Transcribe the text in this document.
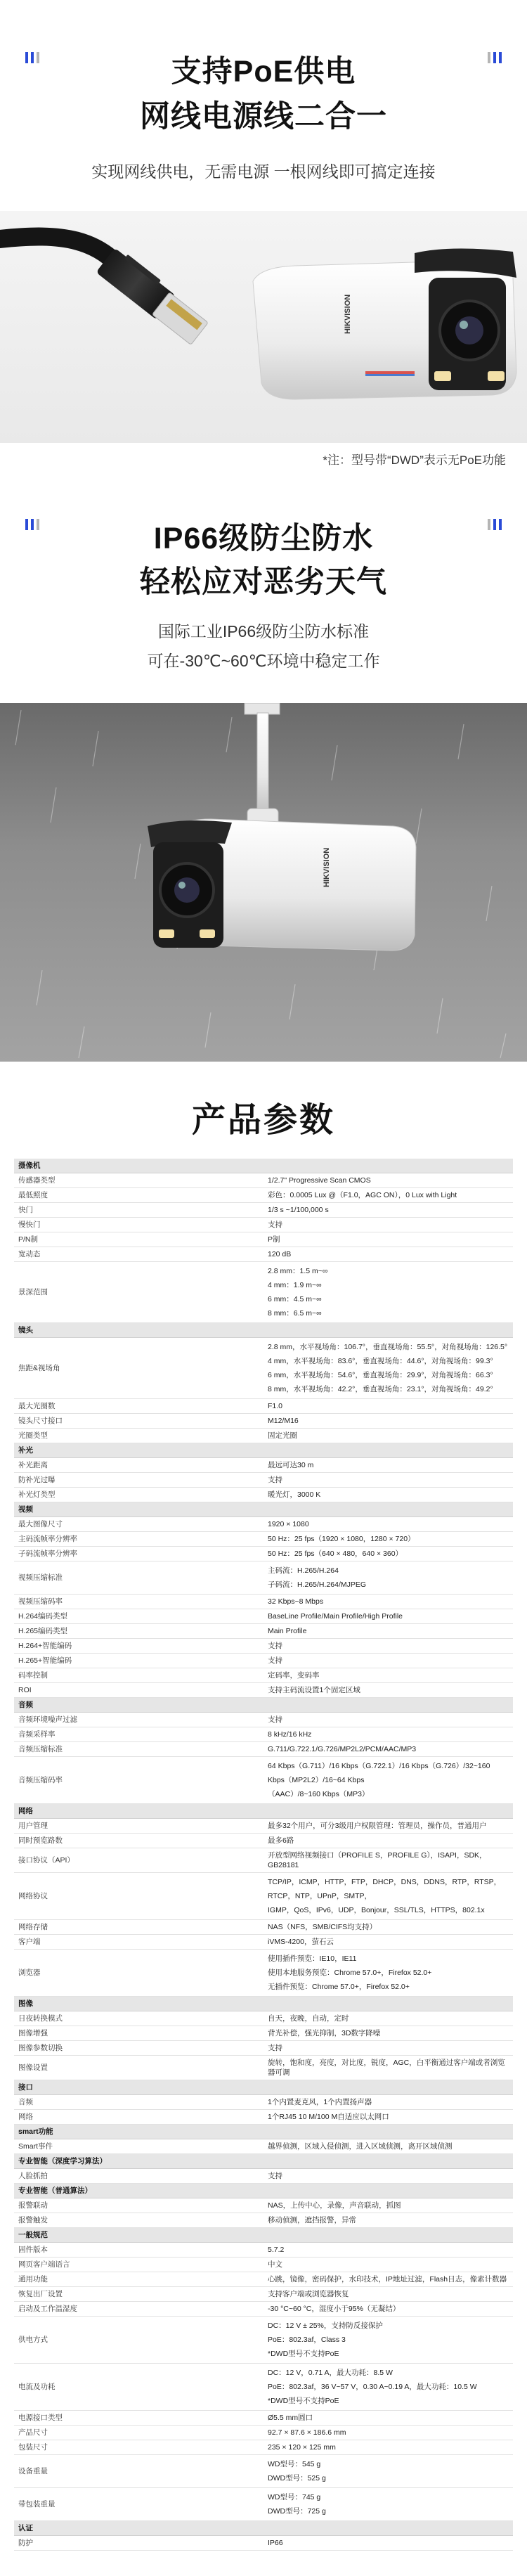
支持PoE供电
网线电源线二合一
实现网线供电，无需电源 一根网线即可搞定连接
HIKVISION
*注：型号带“DWD”表示无PoE功能
IP66级防尘防水
轻松应对恶劣天气
国际工业IP66级防尘防水标准
可在-30℃~60℃环境中稳定工作
HIKVISION
产品参数
摄像机	
传感器类型	1/2.7" Progressive Scan CMOS

最低照度	彩色：0.0005 Lux @（F1.0，AGC ON），0 Lux with Light

快门	1/3 s ~1/100,000 s

慢快门	支持

P/N制	P制

宽动态	120 dB

景深范围	2.8 mm：1.5 m~∞
4 mm：1.9 m~∞
6 mm：4.5 m~∞
8 mm：6.5 m~∞

镜头	
焦距&视场角	2.8 mm，水平视场角：106.7°，垂直视场角：55.5°，对角视场角：126.5°
4 mm，水平视场角：83.6°，垂直视场角：44.6°，对角视场角：99.3°
6 mm，水平视场角：54.6°，垂直视场角：29.9°，对角视场角：66.3°
8 mm，水平视场角：42.2°，垂直视场角：23.1°，对角视场角：49.2°

最大光圈数	F1.0

镜头尺寸接口	M12/M16

光圈类型	固定光圈

补光	
补光距离	最远可达30 m

防补光过曝	支持

补光灯类型	暖光灯，3000 K

视频	
最大图像尺寸	1920 × 1080

主码流帧率分辨率	50 Hz：25 fps（1920 × 1080，1280 × 720）

子码流帧率分辨率	50 Hz：25 fps（640 × 480，640 × 360）

视频压缩标准	主码流：H.265/H.264
子码流：H.265/H.264/MJPEG

视频压缩码率	32 Kbps~8 Mbps

H.264编码类型	BaseLine Profile/Main Profile/High Profile

H.265编码类型	Main Profile

H.264+智能编码	支持

H.265+智能编码	支持

码率控制	定码率，变码率

ROI	支持主码流设置1个固定区域

音频	
音频环境噪声过滤	支持

音频采样率	8 kHz/16 kHz

音频压缩标准	G.711/G.722.1/G.726/MP2L2/PCM/AAC/MP3

音频压缩码率	64 Kbps（G.711）/16 Kbps（G.722.1）/16 Kbps（G.726）/32~160 Kbps（MP2L2）/16~64 Kbps
（AAC）/8~160 Kbps（MP3）

网络	
用户管理	最多32个用户，可分3级用户权限管理：管理员，操作员，普通用户

同时预览路数	最多6路

接口协议（API）	开放型网络视频接口（PROFILE S，PROFILE G），ISAPI，SDK，GB28181

网络协议	TCP/IP，ICMP，HTTP，FTP，DHCP，DNS，DDNS，RTP，RTSP，RTCP，NTP，UPnP，SMTP，
IGMP，QoS，IPv6，UDP，Bonjour，SSL/TLS，HTTPS，802.1x

网络存储	NAS（NFS，SMB/CIFS均支持）

客户端	iVMS-4200，萤石云

浏览器	使用插件预览：IE10，IE11
使用本地服务预览：Chrome 57.0+，Firefox 52.0+
无插件预览：Chrome 57.0+，Firefox 52.0+

图像	
日夜转换模式	自天，夜晚，自动，定时

图像增强	背光补偿，强光抑制，3D数字降噪

图像参数切换	支持

图像设置	旋转，饱和度，亮度，对比度，锐度，AGC，白平衡通过客户端或者浏览器可调

接口	
音频	1个内置麦克风，1个内置扬声器

网络	1个RJ45 10 M/100 M自适应以太网口

smart功能	
Smart事件	越界侦测，区域入侵侦测，进入区域侦测，离开区域侦测

专业智能（深度学习算法）	
人脸抓拍	支持

专业智能（普通算法）	
报警联动	NAS，上传中心，录像，声音联动，抓图

报警触发	移动侦测，遮挡报警，异常

一般规范	
固件版本	5.7.2

网页客户端语言	中文

通用功能	心跳，镜像，密码保护，水印技术，IP地址过滤，Flash日志，像素计数器

恢复出厂设置	支持客户端或浏览器恢复

启动及工作温湿度	-30 °C~60 °C，湿度小于95%（无凝结）

供电方式	DC：12 V ± 25%，支持防反接保护
PoE：802.3af，Class 3
*DWD型号不支持PoE

电流及功耗	DC：12 V，0.71 A，最大功耗：8.5 W
PoE：802.3af，36 V~57 V，0.30 A~0.19 A，最大功耗：10.5 W
*DWD型号不支持PoE

电源接口类型	Ø5.5 mm圆口

产品尺寸	92.7 × 87.6 × 186.6 mm

包装尺寸	235 × 120 × 125 mm

设备重量	WD型号：545 g
DWD型号：525 g

带包装重量	WD型号：745 g
DWD型号：725 g

认证	
防护	IP66
